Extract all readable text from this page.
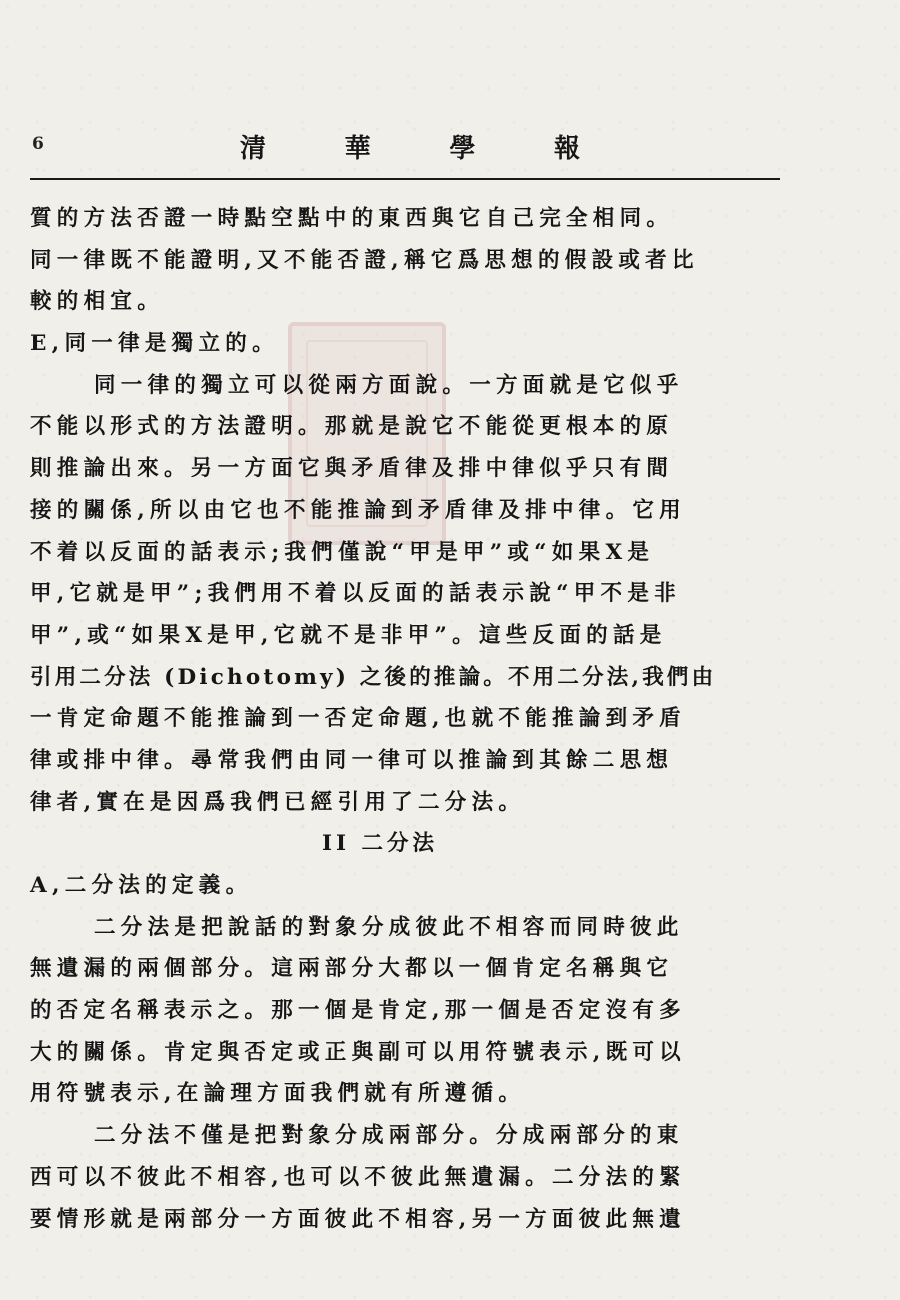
6	清	華	學	報
質的方法否證一時點空點中的東西與它自己完全相同。
同一律既不能證明,又不能否證,稱它爲思想的假設或者比
較的相宜。
E,同一律是獨立的。
同一律的獨立可以從兩方面說。一方面就是它似乎
不能以形式的方法證明。那就是說它不能從更根本的原
則推論出來。另一方面它與矛盾律及排中律似乎只有間
接的關係,所以由它也不能推論到矛盾律及排中律。它用
不着以反面的話表示;我們僅說“甲是甲”或“如果X是
甲,它就是甲”;我們用不着以反面的話表示說“甲不是非
甲”,或“如果X是甲,它就不是非甲”。這些反面的話是
引用二分法 (Dichotomy) 之後的推論。不用二分法,我們由
一肯定命題不能推論到一否定命題,也就不能推論到矛盾
律或排中律。尋常我們由同一律可以推論到其餘二思想
律者,實在是因爲我們已經引用了二分法。
II 二分法
A,二分法的定義。
二分法是把說話的對象分成彼此不相容而同時彼此
無遺漏的兩個部分。這兩部分大都以一個肯定名稱與它
的否定名稱表示之。那一個是肯定,那一個是否定沒有多
大的關係。肯定與否定或正與副可以用符號表示,既可以
用符號表示,在論理方面我們就有所遵循。
二分法不僅是把對象分成兩部分。分成兩部分的東
西可以不彼此不相容,也可以不彼此無遺漏。二分法的緊
要情形就是兩部分一方面彼此不相容,另一方面彼此無遺
